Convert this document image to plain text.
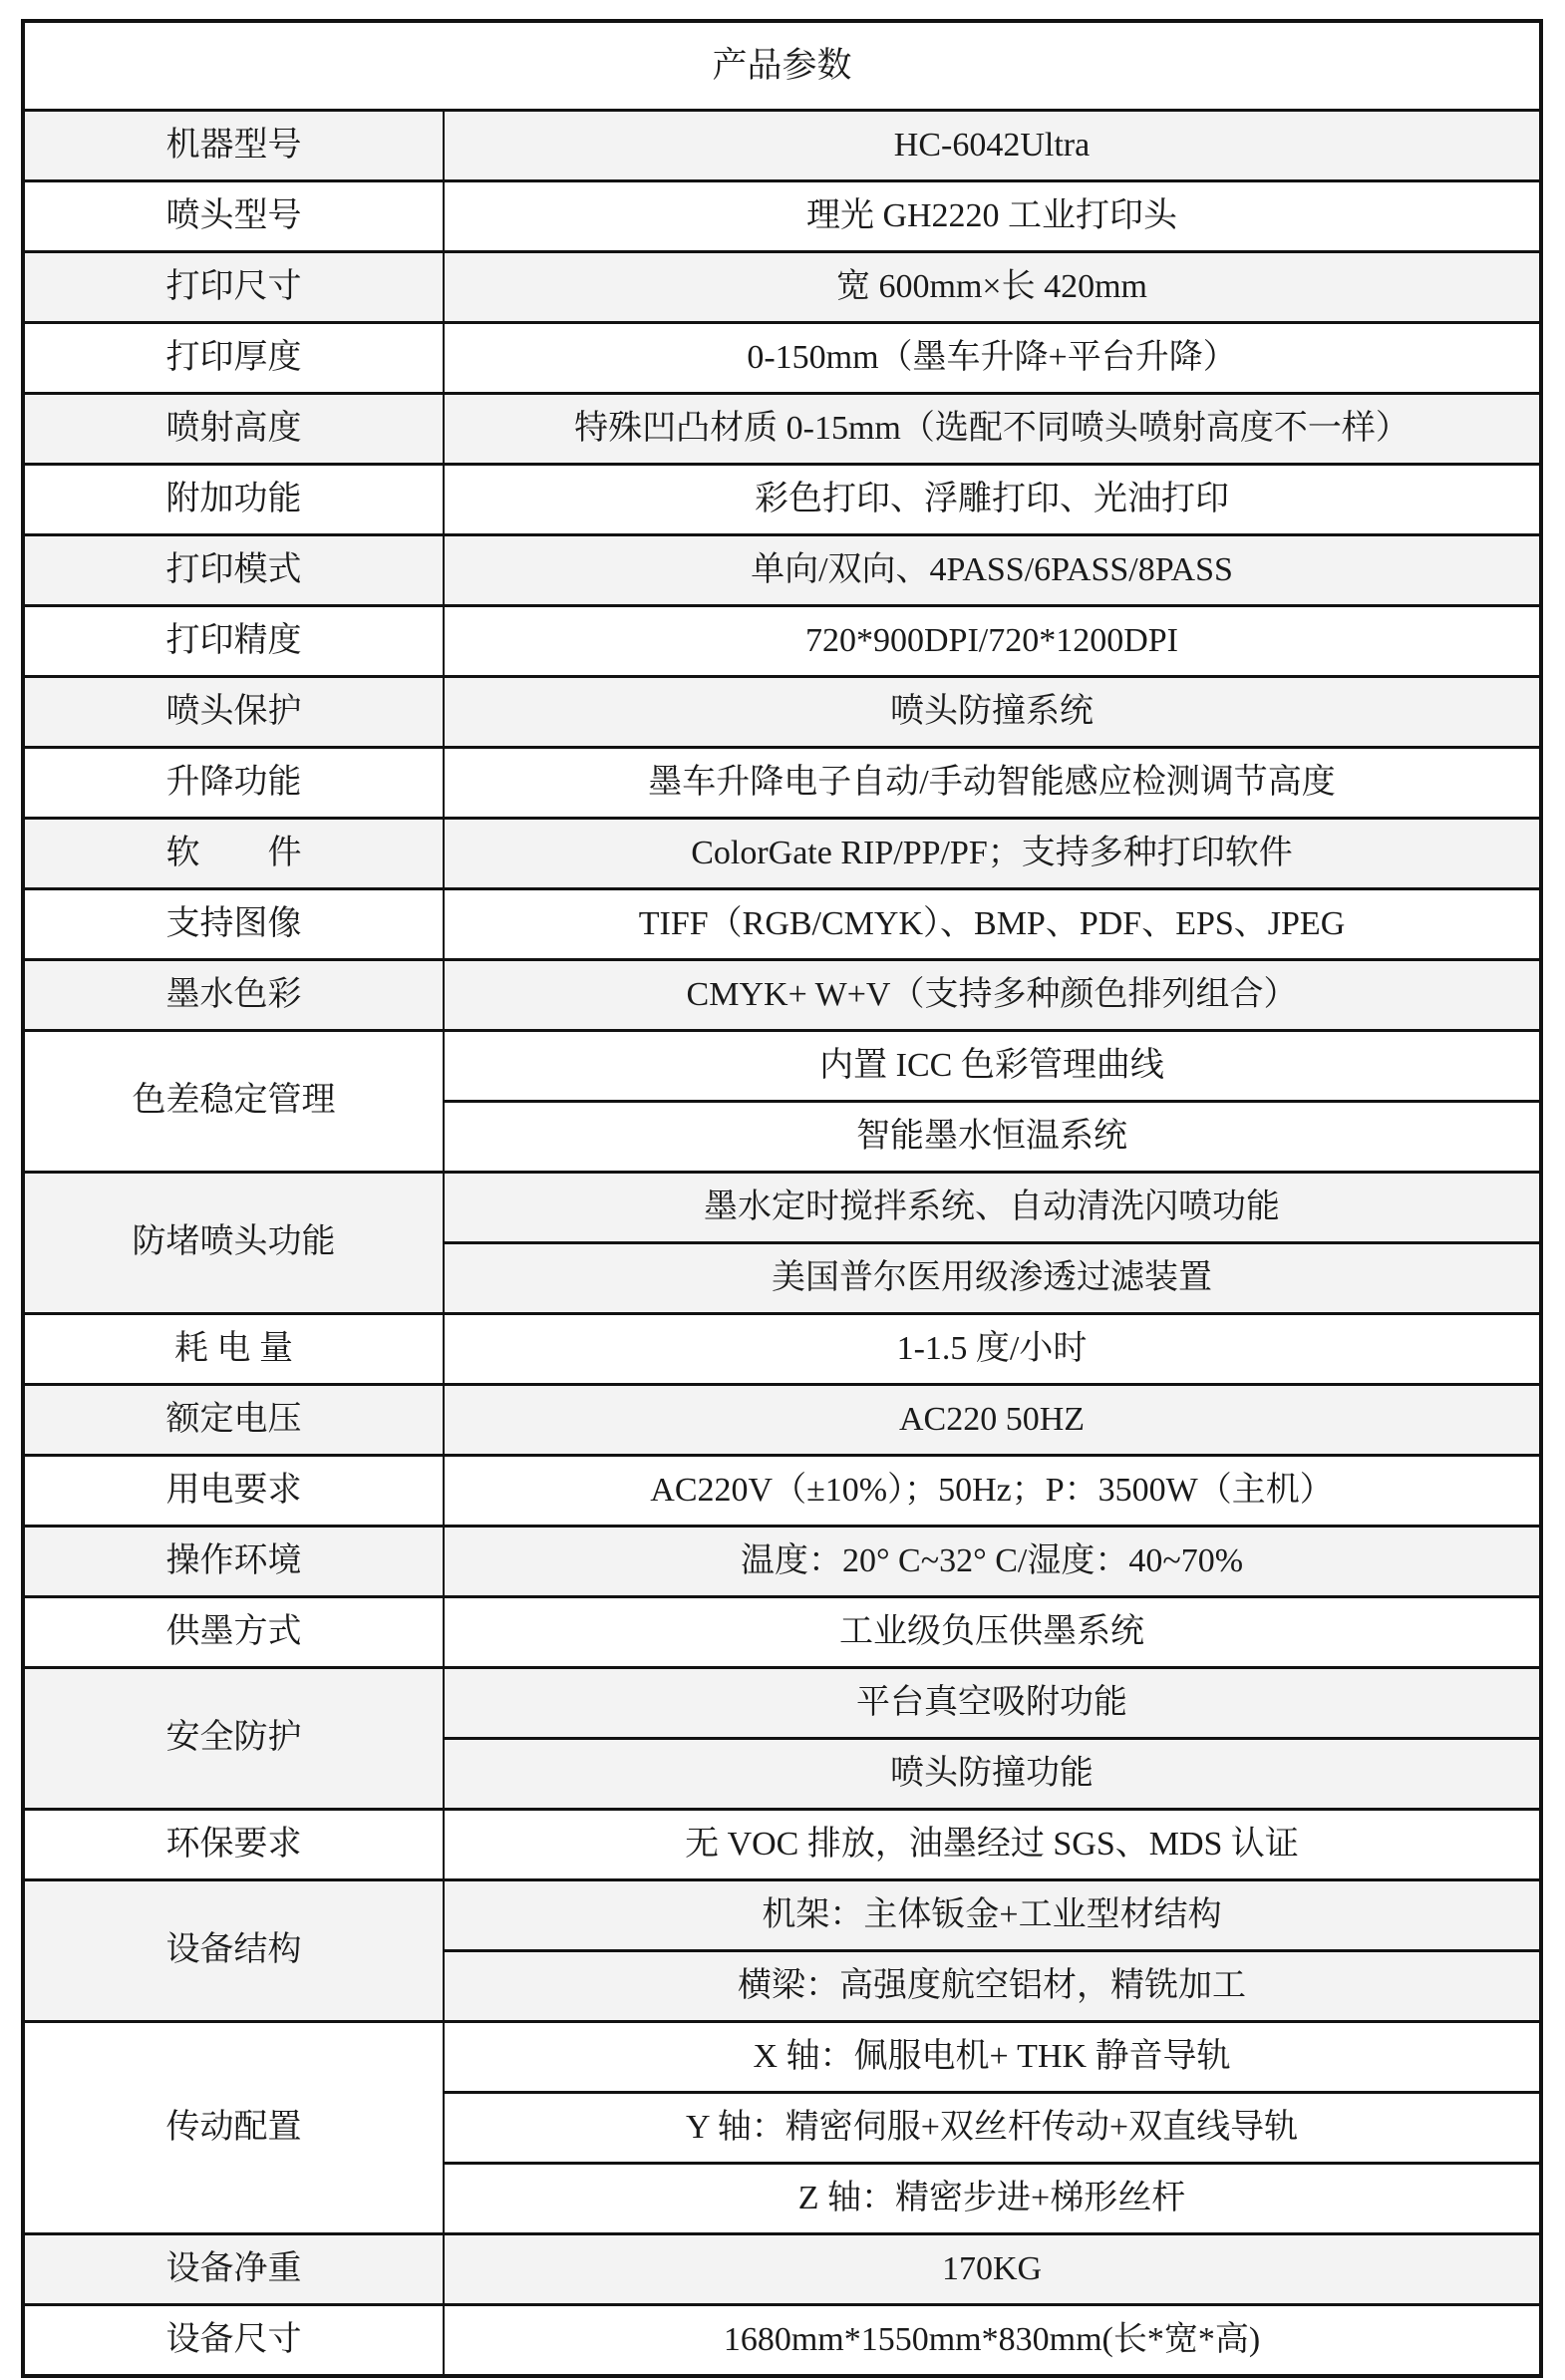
产品参数	
机器型号	HC-6042Ultra
喷头型号	理光 GH2220 工业打印头
打印尺寸	宽 600mm×长 420mm
打印厚度	0-150mm（墨车升降+平台升降）
喷射高度	特殊凹凸材质 0-15mm（选配不同喷头喷射高度不一样）
附加功能	彩色打印、浮雕打印、光油打印
打印模式	单向/双向、4PASS/6PASS/8PASS
打印精度	720*900DPI/720*1200DPI
喷头保护	喷头防撞系统
升降功能	墨车升降电子自动/手动智能感应检测调节高度
软　　件	ColorGate RIP/PP/PF；支持多种打印软件
支持图像	TIFF（RGB/CMYK）、BMP、PDF、EPS、JPEG
墨水色彩	CMYK+ W+V（支持多种颜色排列组合）
色差稳定管理	内置 ICC 色彩管理曲线
	智能墨水恒温系统
防堵喷头功能	墨水定时搅拌系统、自动清洗闪喷功能
	美国普尔医用级渗透过滤装置
耗 电 量	1-1.5 度/小时
额定电压	AC220 50HZ
用电要求	AC220V（±10%）；50Hz；P：3500W（主机）
操作环境	温度：20° C~32° C/湿度：40~70%
供墨方式	工业级负压供墨系统
安全防护	平台真空吸附功能
	喷头防撞功能
环保要求	无 VOC 排放，油墨经过 SGS、MDS 认证
设备结构	机架：主体钣金+工业型材结构
	横梁：高强度航空铝材，精铣加工
传动配置	X 轴：佩服电机+ THK 静音导轨
	Y 轴：精密伺服+双丝杆传动+双直线导轨
	Z 轴：精密步进+梯形丝杆
设备净重	170KG
设备尺寸	1680mm*1550mm*830mm(长*宽*高)
